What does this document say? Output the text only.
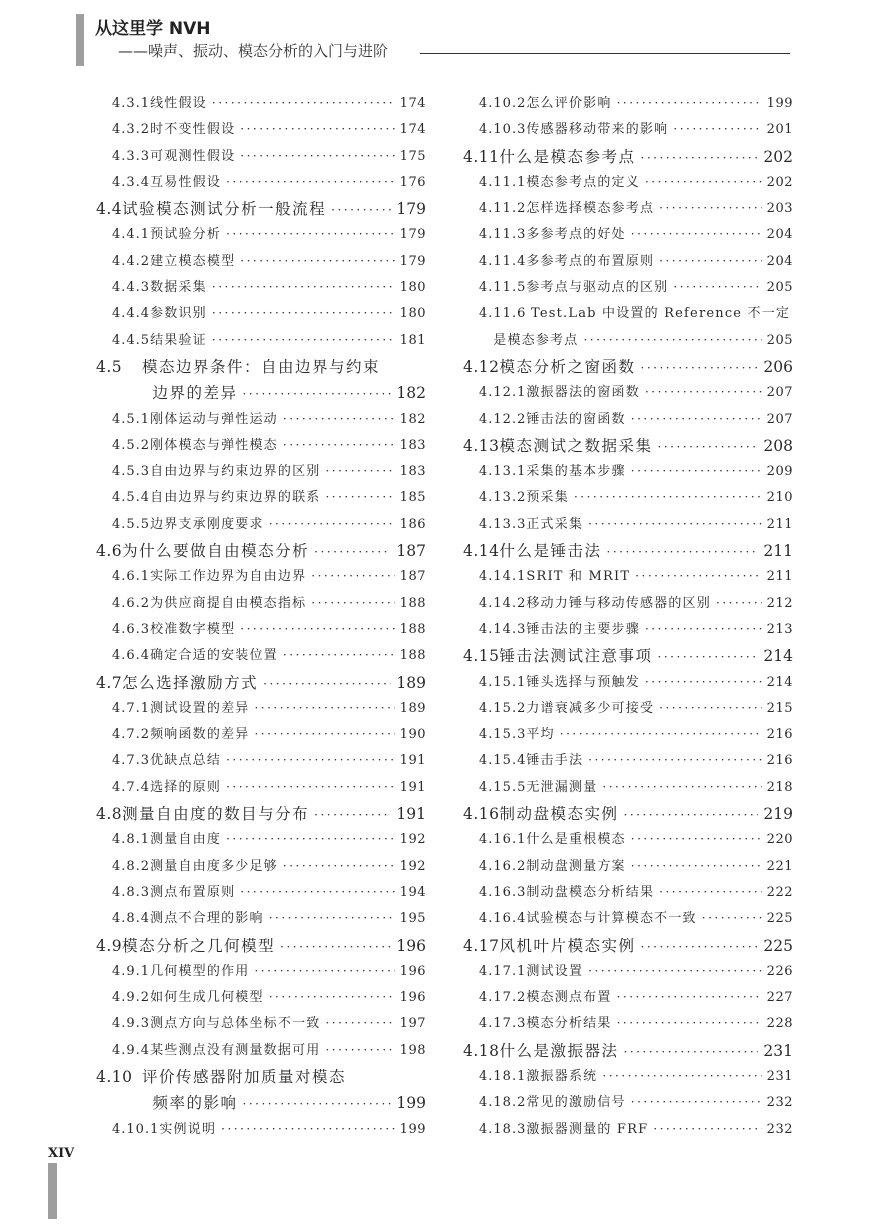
从这里学 NVH
——噪声、振动、模态分析的入门与进阶
4.3.1 线性假设 ·····	174
4.3.2 时不变性假设 ·····	174
4.3.3 可观测性假设 ·····	175
4.3.4 互易性假设 ·····	176
4.4 试验模态测试分析一般流程 ·····	179
4.4.1 预试验分析 ·····	179
4.4.2 建立模态模型 ·····	179
4.4.3 数据采集 ·····	180
4.4.4 参数识别 ·····	180
4.4.5 结果验证 ·····	181
4.5	模态边界条件：自由边界与约束
边界的差异 ·····	182
4.5.1 刚体运动与弹性运动 ·····	182
4.5.2 刚体模态与弹性模态 ·····	183
4.5.3 自由边界与约束边界的区别 ·····	183
4.5.4 自由边界与约束边界的联系 ·····	185
4.5.5 边界支承刚度要求 ·····	186
4.6 为什么要做自由模态分析 ·····	187
4.6.1 实际工作边界为自由边界 ·····	187
4.6.2 为供应商提自由模态指标 ·····	188
4.6.3 校准数字模型 ·····	188
4.6.4 确定合适的安装位置 ·····	188
4.7 怎么选择激励方式 ·····	189
4.7.1 测试设置的差异 ·····	189
4.7.2 频响函数的差异 ·····	190
4.7.3 优缺点总结 ·····	191
4.7.4 选择的原则 ·····	191
4.8 测量自由度的数目与分布 ·····	191
4.8.1 测量自由度 ·····	192
4.8.2 测量自由度多少足够 ·····	192
4.8.3 测点布置原则 ·····	194
4.8.4 测点不合理的影响 ·····	195
4.9 模态分析之几何模型 ·····	196
4.9.1 几何模型的作用 ·····	196
4.9.2 如何生成几何模型 ·····	196
4.9.3 测点方向与总体坐标不一致 ·····	197
4.9.4 某些测点没有测量数据可用 ·····	198
4.10 评价传感器附加质量对模态
频率的影响 ·····	199
4.10.1 实例说明 ·····	199
4.10.2 怎么评价影响 ·····	199
4.10.3 传感器移动带来的影响 ·····	201
4.11 什么是模态参考点 ·····	202
4.11.1 模态参考点的定义 ·····	202
4.11.2 怎样选择模态参考点 ·····	203
4.11.3 多参考点的好处 ·····	204
4.11.4 多参考点的布置原则 ·····	204
4.11.5 参考点与驱动点的区别 ·····	205
4.11.6 Test.Lab 中设置的 Reference 不一定
是模态参考点 ·····	205
4.12 模态分析之窗函数 ·····	206
4.12.1 激振器法的窗函数 ·····	207
4.12.2 锤击法的窗函数 ·····	207
4.13 模态测试之数据采集 ·····	208
4.13.1 采集的基本步骤 ·····	209
4.13.2 预采集 ·····	210
4.13.3 正式采集 ·····	211
4.14 什么是锤击法 ·····	211
4.14.1 SRIT 和 MRIT ·····	211
4.14.2 移动力锤与移动传感器的区别 ·····	212
4.14.3 锤击法的主要步骤 ·····	213
4.15 锤击法测试注意事项 ·····	214
4.15.1 锤头选择与预触发 ·····	214
4.15.2 力谱衰减多少可接受 ·····	215
4.15.3 平均 ·····	216
4.15.4 锤击手法 ·····	216
4.15.5 无泄漏测量 ·····	218
4.16 制动盘模态实例 ·····	219
4.16.1 什么是重根模态 ·····	220
4.16.2 制动盘测量方案 ·····	221
4.16.3 制动盘模态分析结果 ·····	222
4.16.4 试验模态与计算模态不一致 ·····	225
4.17 风机叶片模态实例 ·····	225
4.17.1 测试设置 ·····	226
4.17.2 模态测点布置 ·····	227
4.17.3 模态分析结果 ·····	228
4.18 什么是激振器法 ·····	231
4.18.1 激振器系统 ·····	231
4.18.2 常见的激励信号 ·····	232
4.18.3 激振器测量的 FRF ·····	232
XIV
